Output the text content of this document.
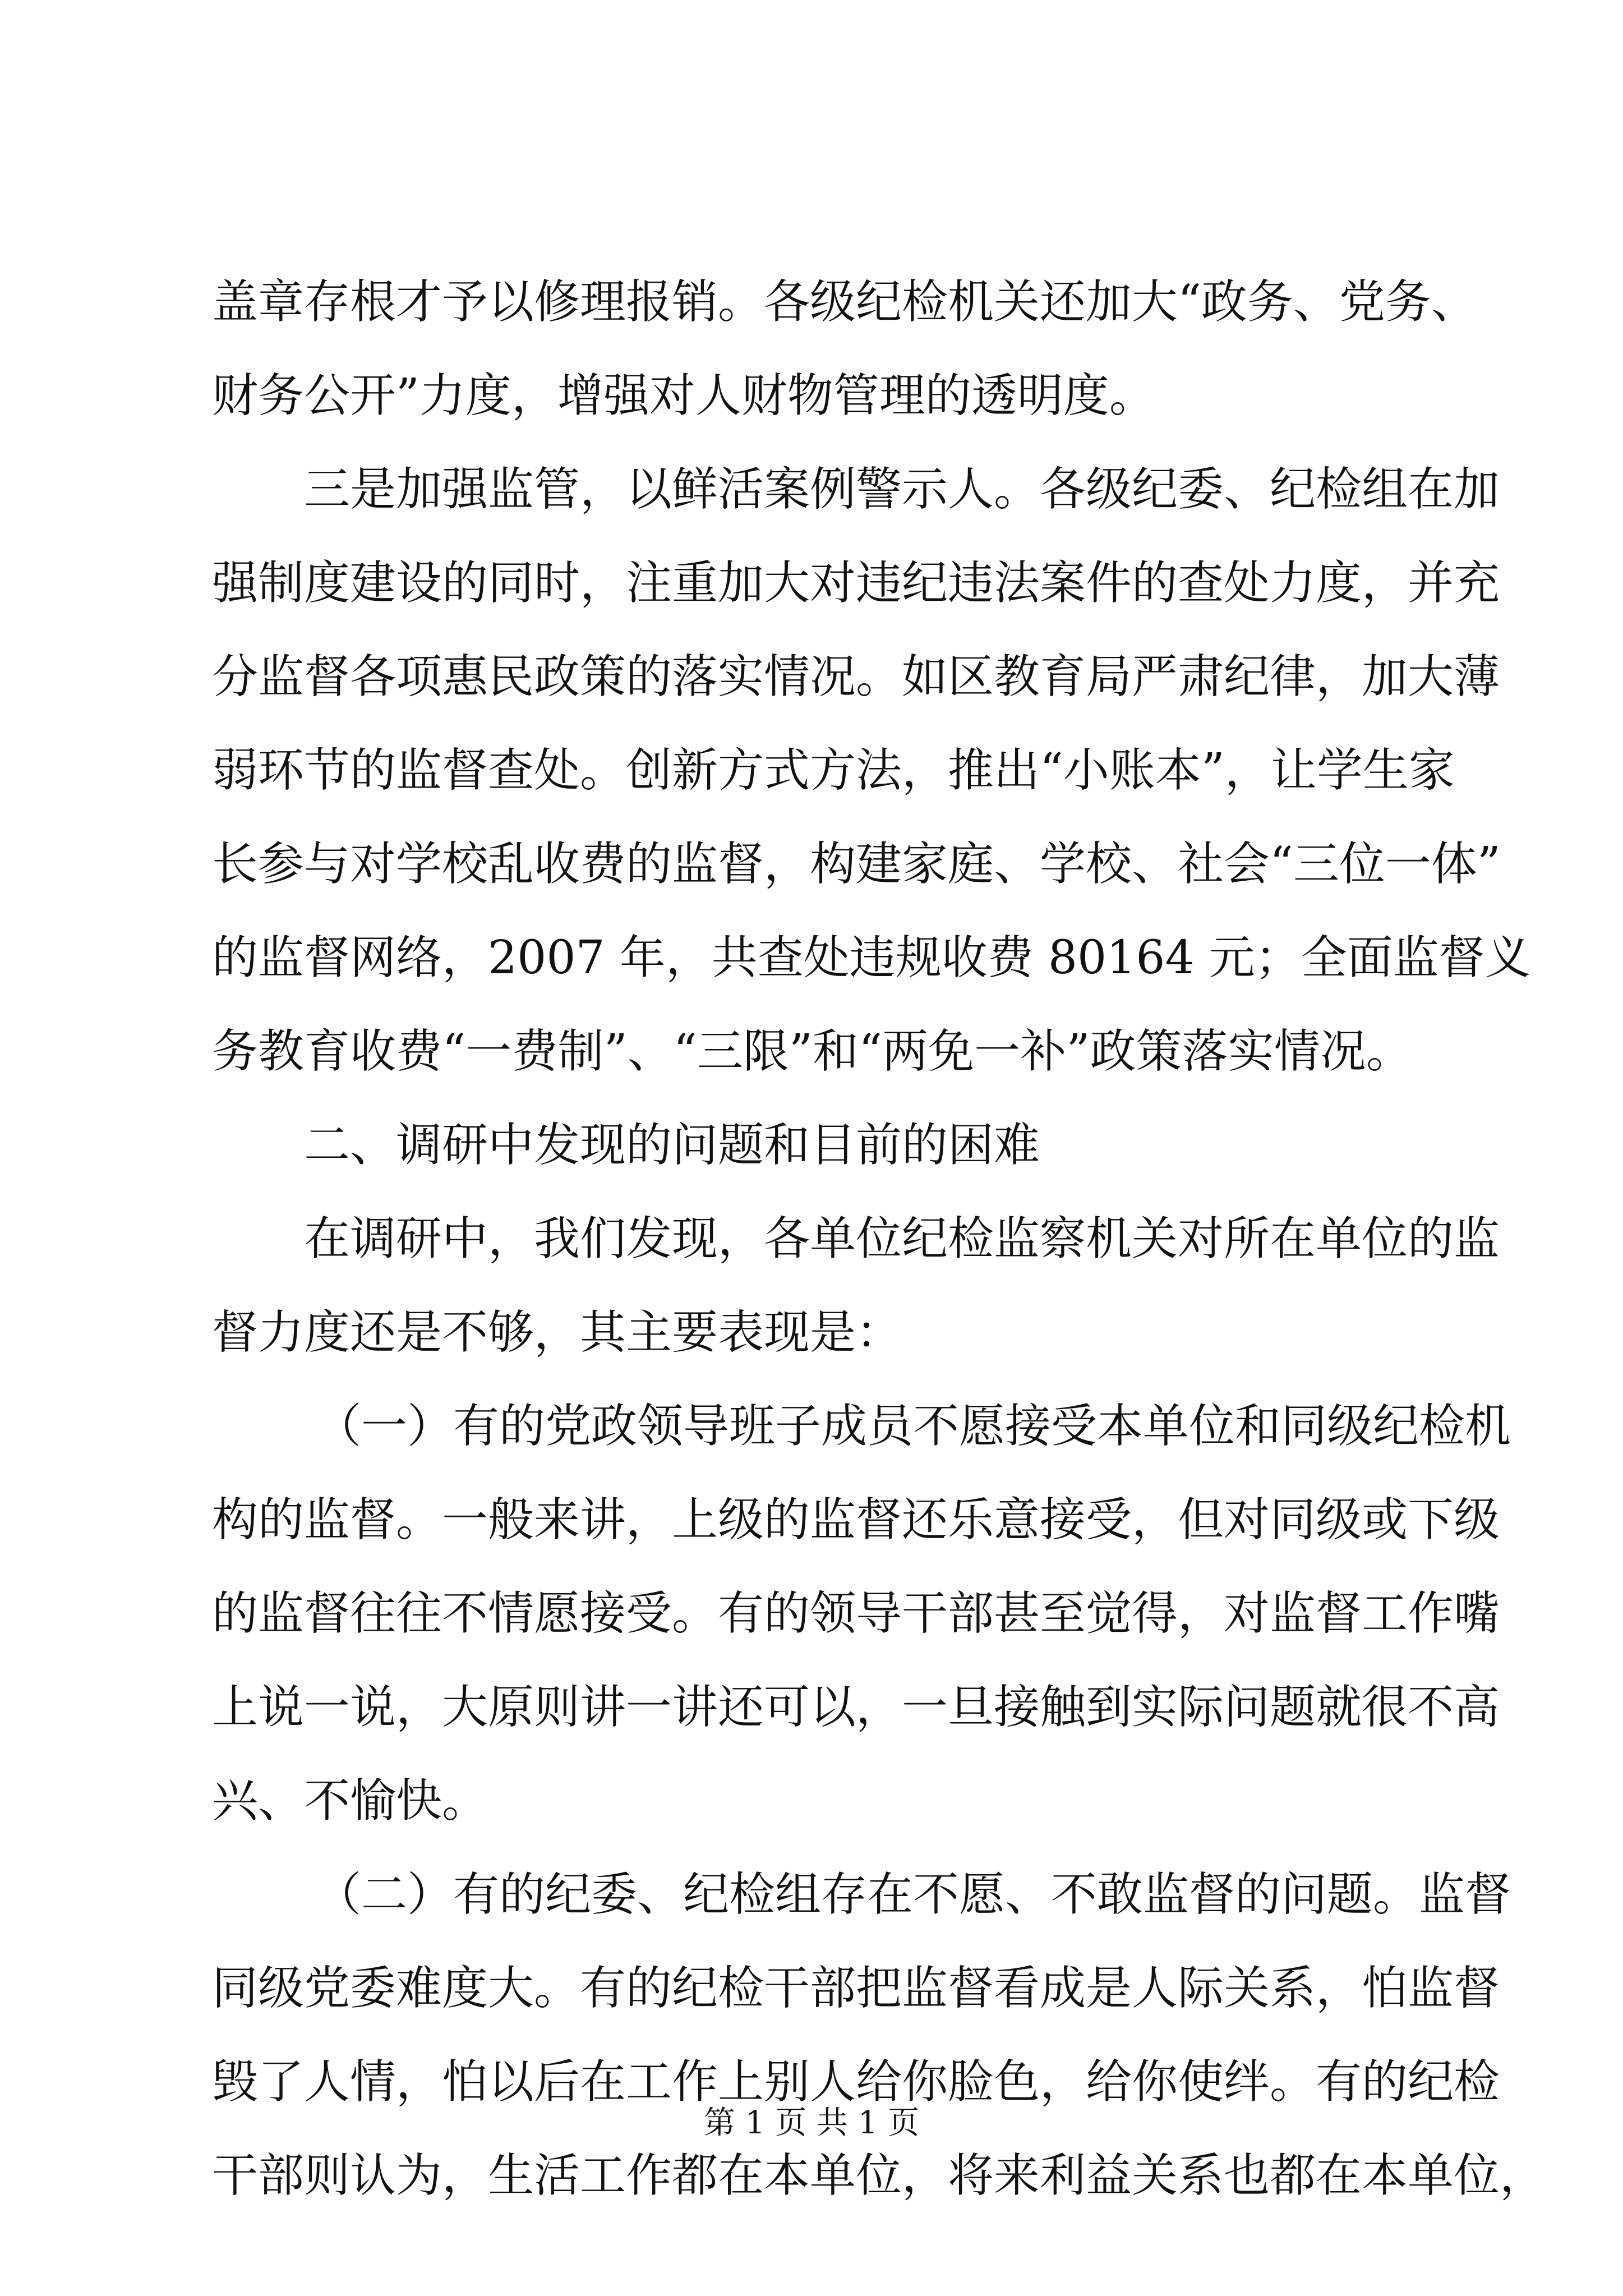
盖章存根才予以修理报销。各级纪检机关还加大“政务、党务、
财务公开”力度，增强对人财物管理的透明度。
三是加强监管，以鲜活案例警示人。各级纪委、纪检组在加
强制度建设的同时，注重加大对违纪违法案件的查处力度，并充
分监督各项惠民政策的落实情况。如区教育局严肃纪律，加大薄
弱环节的监督查处。创新方式方法，推出“小账本”，让学生家
长参与对学校乱收费的监督，构建家庭、学校、社会“三位一体”
的监督网络，2007 年，共查处违规收费 80164 元；全面监督义
务教育收费“一费制”、“三限”和“两免一补”政策落实情况。
二、调研中发现的问题和目前的困难
在调研中，我们发现，各单位纪检监察机关对所在单位的监
督力度还是不够，其主要表现是：
（一）有的党政领导班子成员不愿接受本单位和同级纪检机
构的监督。一般来讲，上级的监督还乐意接受，但对同级或下级
的监督往往不情愿接受。有的领导干部甚至觉得，对监督工作嘴
上说一说，大原则讲一讲还可以，一旦接触到实际问题就很不高
兴、不愉快。
（二）有的纪委、纪检组存在不愿、不敢监督的问题。监督
同级党委难度大。有的纪检干部把监督看成是人际关系，怕监督
毁了人情，怕以后在工作上别人给你脸色，给你使绊。有的纪检
干部则认为，生活工作都在本单位，将来利益关系也都在本单位，
第 1 页 共 1 页
